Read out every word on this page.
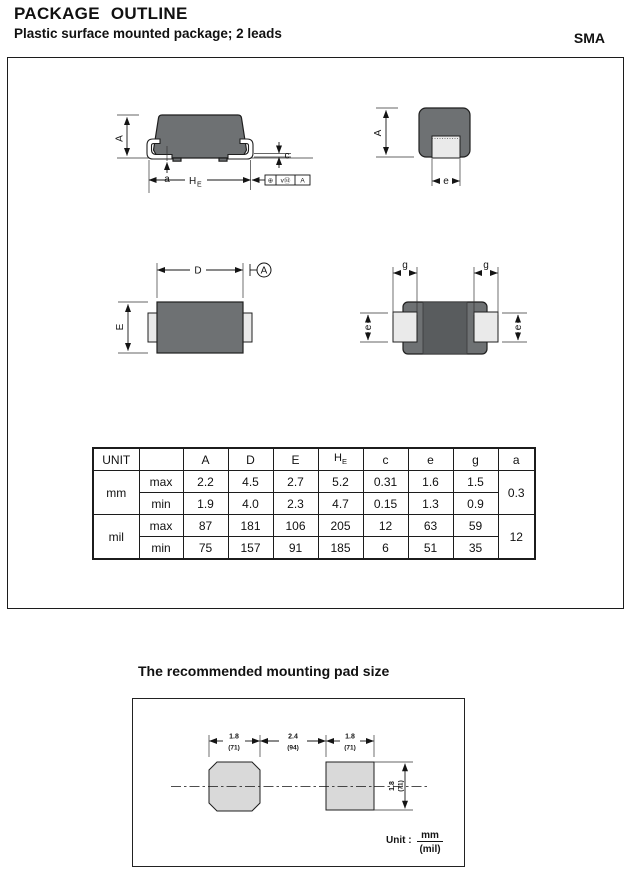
PACKAGE OUTLINE
Plastic surface mounted package; 2 leads	SMA
A
a H E
⊕ vⓂ A
c
A
e
D	A
E
g	g
e	e
UNIT		A	D	E	$H_E$	c	e	g	a
mm	max	2.2	4.5	2.7	5.2	0.31	1.6	1.5	0.3
	min	1.9	4.0	2.3	4.7	0.15	1.3	0.9	
mil	max	87	181	106	205	12	63	59	12
	min	75	157	91	185	6	51	35	
The recommended mounting pad size
1.8
(71)
2.4
(94)
1.8
(71)
1.8 (71)
Unit : mm
(mil)
